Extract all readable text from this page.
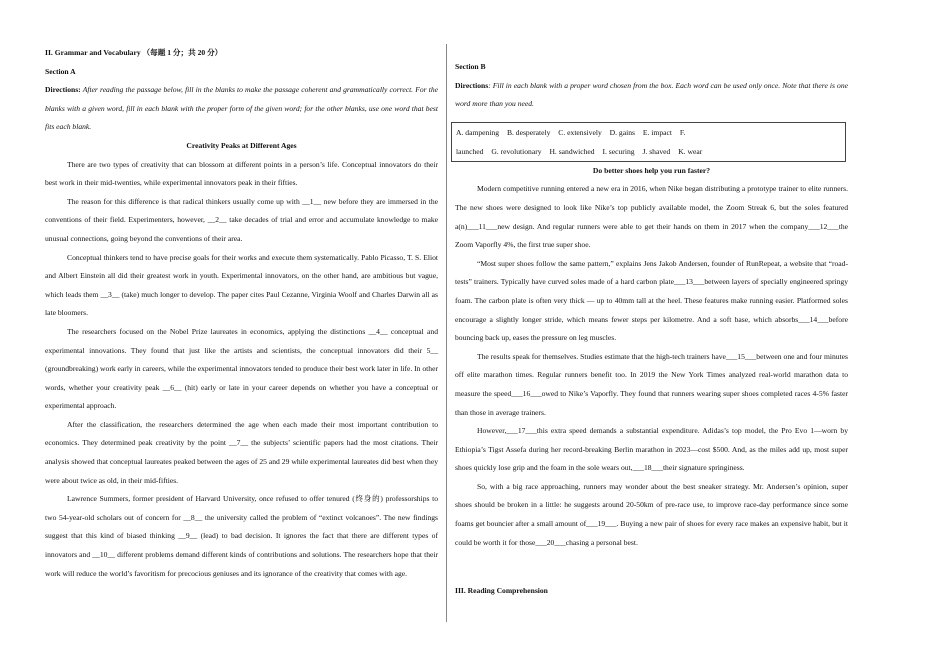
II. Grammar and Vocabulary （每题 1 分；共 20 分）

Section A

Directions: After reading the passage below, fill in the blanks to make the passage coherent and grammatically correct. For the blanks with a given word, fill in each blank with the proper form of the given word; for the other blanks, use one word that best fits each blank.

Creativity Peaks at Different Ages

There are two types of creativity that can blossom at different points in a person’s life. Conceptual innovators do their best work in their mid-twenties, while experimental innovators peak in their fifties.

The reason for this difference is that radical thinkers usually come up with __1__ new before they are immersed in the conventions of their field. Experimenters, however, __2__ take decades of trial and error and accumulate knowledge to make unusual connections, going beyond the conventions of their area.

Conceptual thinkers tend to have precise goals for their works and execute them systematically. Pablo Picasso, T. S. Eliot and Albert Einstein all did their greatest work in youth. Experimental innovators, on the other hand, are ambitious but vague, which leads them __3__ (take) much longer to develop. The paper cites Paul Cezanne, Virginia Woolf and Charles Darwin all as late bloomers.

The researchers focused on the Nobel Prize laureates in economics, applying the distinctions __4__ conceptual and experimental innovations. They found that just like the artists and scientists, the conceptual innovators did their 5__ (groundbreaking) work early in careers, while the experimental innovators tended to produce their best work later in life. In other words, whether your creativity peak __6__ (hit) early or late in your career depends on whether you have a conceptual or experimental approach.

After the classification, the researchers determined the age when each made their most important contribution to economics. They determined peak creativity by the point __7__ the subjects’ scientific papers had the most citations. Their analysis showed that conceptual laureates peaked between the ages of 25 and 29 while experimental laureates did best when they were about twice as old, in their mid-fifties.

Lawrence Summers, former president of Harvard University, once refused to offer tenured (终身的) professorships to two 54-year-old scholars out of concern for __8__ the university called the problem of “extinct volcanoes”. The new findings suggest that this kind of biased thinking __9__ (lead) to bad decision. It ignores the fact that there are different types of innovators and __10__ different problems demand different kinds of contributions and solutions. The researchers hope that their work will reduce the world’s favoritism for precocious geniuses and its ignorance of the creativity that comes with age.

Section B

Directions: Fill in each blank with a proper word chosen from the box. Each word can be used only once. Note that there is one word more than you need.

A. dampening B. desperately C. extensively D. gains E. impact F.
launched G. revolutionary H. sandwiched I. securing J. shaved K. wear

Do better shoes help you run faster?

Modern competitive running entered a new era in 2016, when Nike began distributing a prototype trainer to elite runners. The new shoes were designed to look like Nike’s top publicly available model, the Zoom Streak 6, but the soles featured a(n)___11___new design. And regular runners were able to get their hands on them in 2017 when the company___12___the Zoom Vaporfly 4%, the first true super shoe.

“Most super shoes follow the same pattern,” explains Jens Jakob Andersen, founder of RunRepeat, a website that “road-tests” trainers. Typically have curved soles made of a hard carbon plate___13___between layers of specially engineered springy foam. The carbon plate is often very thick — up to 40mm tall at the heel. These features make running easier. Platformed soles encourage a slightly longer stride, which means fewer steps per kilometre. And a soft base, which absorbs___14___before bouncing back up, eases the pressure on leg muscles.

The results speak for themselves. Studies estimate that the high-tech trainers have___15___between one and four minutes off elite marathon times. Regular runners benefit too. In 2019 the New York Times analyzed real-world marathon data to measure the speed___16___owed to Nike’s Vaporfly. They found that runners wearing super shoes completed races 4-5% faster than those in average trainers.

However,___17___this extra speed demands a substantial expenditure. Adidas’s top model, the Pro Evo 1—worn by Ethiopia’s Tigst Assefa during her record-breaking Berlin marathon in 2023—cost $500. And, as the miles add up, most super shoes quickly lose grip and the foam in the sole wears out,___18___their signature springiness.

So, with a big race approaching, runners may wonder about the best sneaker strategy. Mr. Andersen’s opinion, super shoes should be broken in a little: he suggests around 20-50km of pre-race use, to improve race-day performance since some foams get bouncier after a small amount of___19___. Buying a new pair of shoes for every race makes an expensive habit, but it could be worth it for those___20___chasing a personal best.

III. Reading Comprehension
